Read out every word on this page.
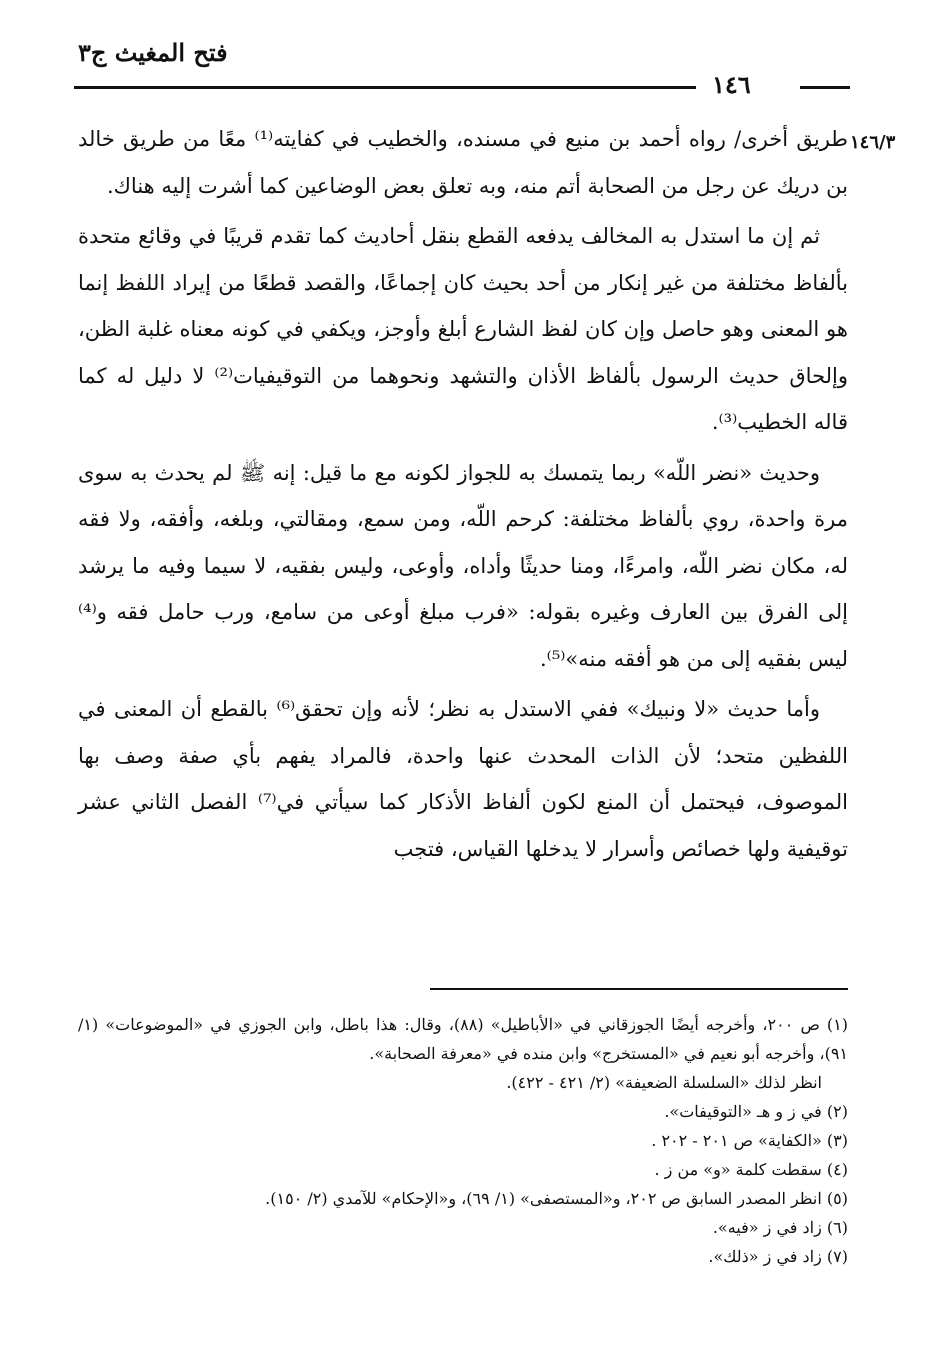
فتح المغيث ج٣
١٤٦
١٤٦/٣

طريق أخرى/ رواه أحمد بن منيع في مسنده، والخطيب في كفايته⁽¹⁾ معًا من طريق خالد بن دريك عن رجل من الصحابة أتم منه، وبه تعلق بعض الوضاعين كما أشرت إليه هناك.

ثم إن ما استدل به المخالف يدفعه القطع بنقل أحاديث كما تقدم قريبًا في وقائع متحدة بألفاظ مختلفة من غير إنكار من أحد بحيث كان إجماعًا، والقصد قطعًا من إيراد اللفظ إنما هو المعنى وهو حاصل وإن كان لفظ الشارع أبلغ وأوجز، ويكفي في كونه معناه غلبة الظن، وإلحاق حديث الرسول بألفاظ الأذان والتشهد ونحوهما من التوقيفيات⁽²⁾ لا دليل له كما قاله الخطيب⁽³⁾.

وحديث «نضر اللّه» ربما يتمسك به للجواز لكونه مع ما قيل: إنه ﷺ لم يحدث به سوى مرة واحدة، روي بألفاظ مختلفة: كرحم اللّه، ومن سمع، ومقالتي، وبلغه، وأفقه، ولا فقه له، مكان نضر اللّه، وامرءًا، ومنا حديثًا وأداه، وأوعى، وليس بفقيه، لا سيما وفيه ما يرشد إلى الفرق بين العارف وغيره بقوله: «فرب مبلغ أوعى من سامع، ورب حامل فقه و⁽⁴⁾ ليس بفقيه إلى من هو أفقه منه»⁽⁵⁾.

وأما حديث «لا ونبيك» ففي الاستدل به نظر؛ لأنه وإن تحقق⁽⁶⁾ بالقطع أن المعنى في اللفظين متحد؛ لأن الذات المحدث عنها واحدة، فالمراد يفهم بأي صفة وصف بها الموصوف، فيحتمل أن المنع لكون ألفاظ الأذكار كما سيأتي في⁽⁷⁾ الفصل الثاني عشر توقيفية ولها خصائص وأسرار لا يدخلها القياس، فتجب

(١) ص ٢٠٠، وأخرجه أيضًا الجوزقاني في «الأباطيل» (٨٨)، وقال: هذا باطل، وابن الجوزي في «الموضوعات» (١/ ٩١)، وأخرجه أبو نعيم في «المستخرج» وابن منده في «معرفة الصحابة».

انظر لذلك «السلسلة الضعيفة» (٢/ ٤٢١ - ٤٢٢).

(٢) في ز و هـ «التوقيفات».

(٣) «الكفاية» ص ٢٠١ - ٢٠٢ .

(٤) سقطت كلمة «و» من ز .

(٥) انظر المصدر السابق ص ٢٠٢، و«المستصفى» (١/ ٦٩)، و«الإحكام» للآمدي (٢/ ١٥٠).

(٦) زاد في ز «فيه».

(٧) زاد في ز «ذلك».
